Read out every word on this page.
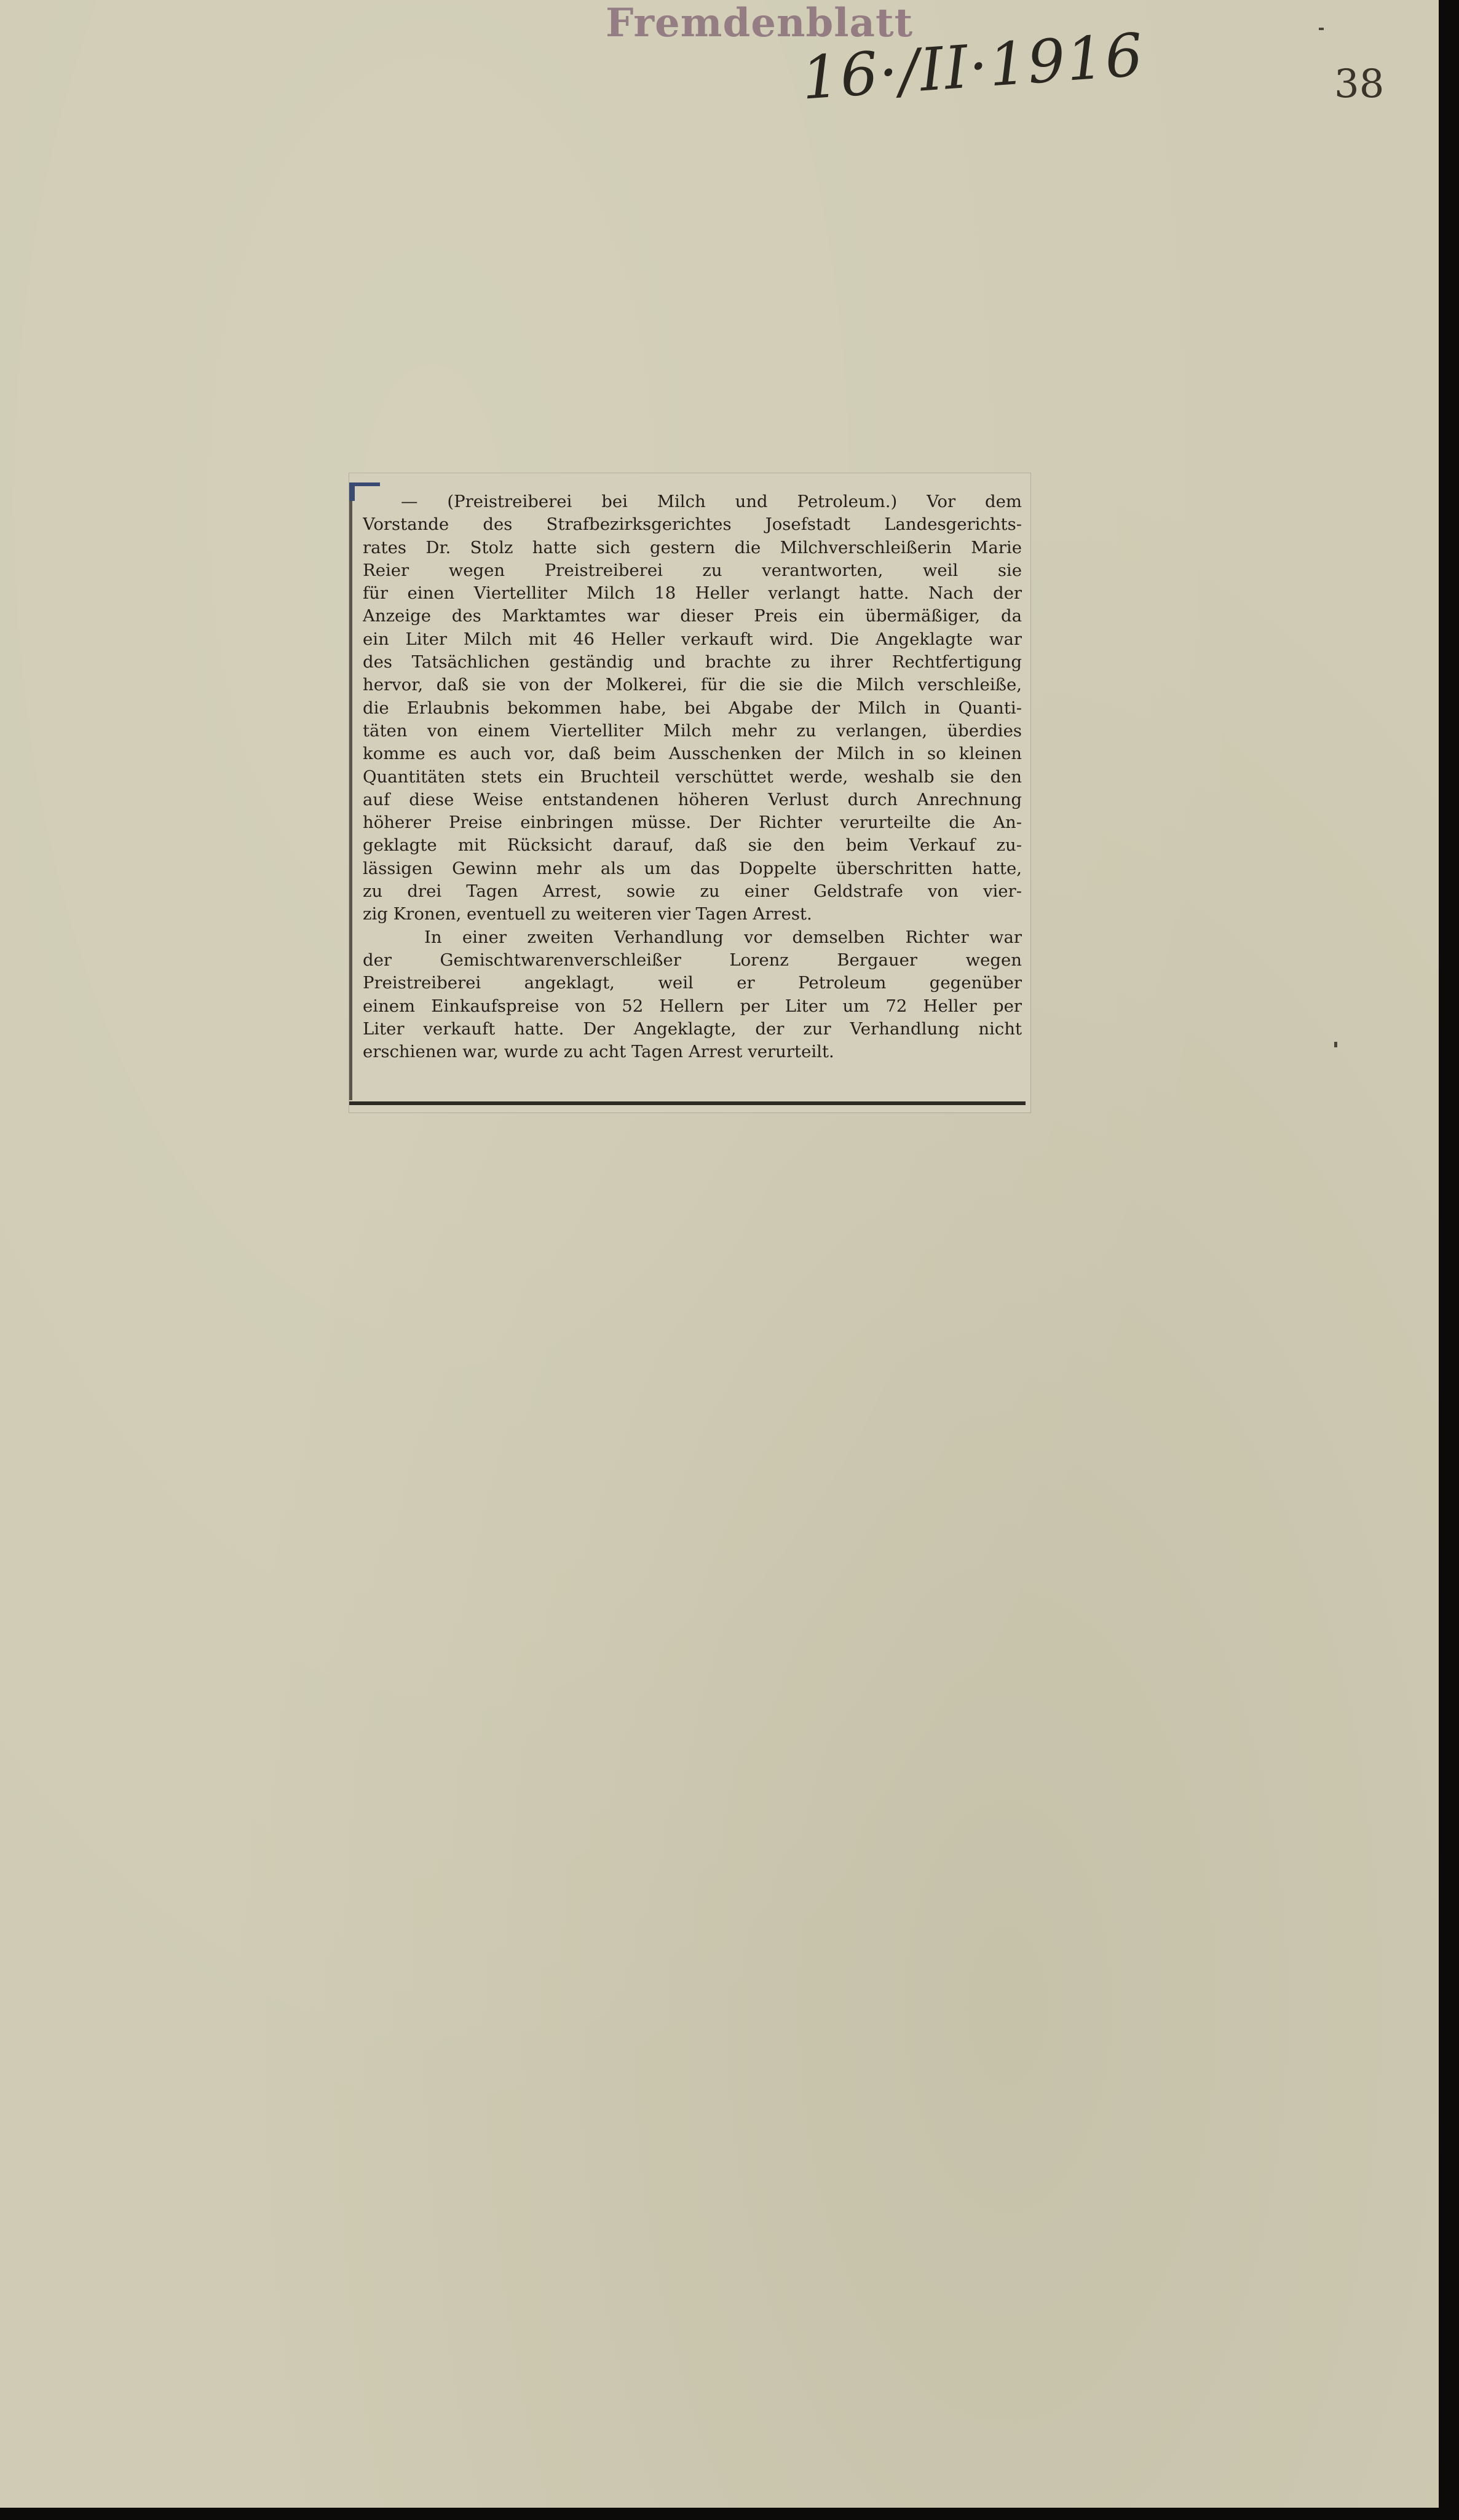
Fremdenblatt
16·/II·1916	38
— (Preistreiberei bei Milch und Petroleum.) Vor dem
Vorstande des Strafbezirksgerichtes Josefstadt Landesgerichts-
rates Dr. Stolz hatte sich gestern die Milchverschleißerin Marie
Reier wegen Preistreiberei zu verantworten, weil sie
für einen Viertelliter Milch 18 Heller verlangt hatte. Nach der
Anzeige des Marktamtes war dieser Preis ein übermäßiger, da
ein Liter Milch mit 46 Heller verkauft wird. Die Angeklagte war
des Tatsächlichen geständig und brachte zu ihrer Rechtfertigung
hervor, daß sie von der Molkerei, für die sie die Milch verschleiße,
die Erlaubnis bekommen habe, bei Abgabe der Milch in Quanti-
täten von einem Viertelliter Milch mehr zu verlangen, überdies
komme es auch vor, daß beim Ausschenken der Milch in so kleinen
Quantitäten stets ein Bruchteil verschüttet werde, weshalb sie den
auf diese Weise entstandenen höheren Verlust durch Anrechnung
höherer Preise einbringen müsse. Der Richter verurteilte die An-
geklagte mit Rücksicht darauf, daß sie den beim Verkauf zu-
lässigen Gewinn mehr als um das Doppelte überschritten hatte,
zu drei Tagen Arrest, sowie zu einer Geldstrafe von vier-
zig Kronen, eventuell zu weiteren vier Tagen Arrest.
In einer zweiten Verhandlung vor demselben Richter war
der Gemischtwarenverschleißer Lorenz Bergauer wegen
Preistreiberei angeklagt, weil er Petroleum gegenüber
einem Einkaufspreise von 52 Hellern per Liter um 72 Heller per
Liter verkauft hatte. Der Angeklagte, der zur Verhandlung nicht
erschienen war, wurde zu acht Tagen Arrest verurteilt.
